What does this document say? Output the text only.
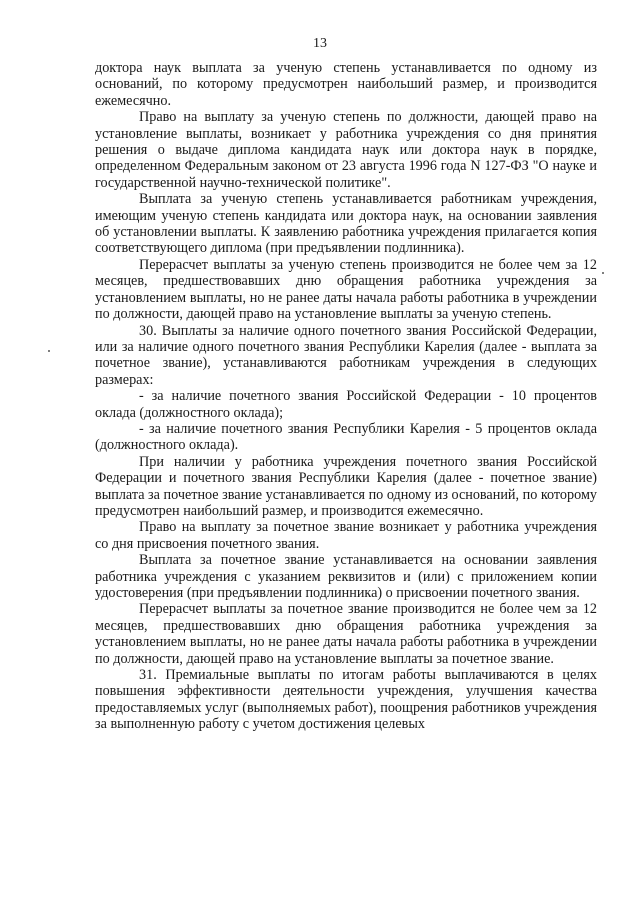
13

доктора наук выплата за ученую степень устанавливается по одному из оснований, по которому предусмотрен наибольший размер, и производится ежемесячно.

Право на выплату за ученую степень по должности, дающей право на установление выплаты, возникает у работника учреждения со дня принятия решения о выдаче диплома кандидата наук или доктора наук в порядке, определенном Федеральным законом от 23 августа 1996 года N 127-ФЗ "О науке и государственной научно-технической политике".

Выплата за ученую степень устанавливается работникам учреждения, имеющим ученую степень кандидата или доктора наук, на основании заявления об установлении выплаты. К заявлению работника учреждения прилагается копия соответствующего диплома (при предъявлении подлинника).

Перерасчет выплаты за ученую степень производится не более чем за 12 месяцев, предшествовавших дню обращения работника учреждения за установлением выплаты, но не ранее даты начала работы работника в учреждении по должности, дающей право на установление выплаты за ученую степень.

30. Выплаты за наличие одного почетного звания Российской Федерации, или за наличие одного почетного звания Республики Карелия (далее - выплата за почетное звание), устанавливаются работникам учреждения в следующих размерах:

- за наличие почетного звания Российской Федерации - 10 процентов оклада (должностного оклада);

- за наличие почетного звания Республики Карелия - 5 процентов оклада (должностного оклада).

При наличии у работника учреждения почетного звания Российской Федерации и почетного звания Республики Карелия (далее - почетное звание) выплата за почетное звание устанавливается по одному из оснований, по которому предусмотрен наибольший размер, и производится ежемесячно.

Право на выплату за почетное звание возникает у работника учреждения со дня присвоения почетного звания.

Выплата за почетное звание устанавливается на основании заявления работника учреждения с указанием реквизитов и (или) с приложением копии удостоверения (при предъявлении подлинника) о присвоении почетного звания.

Перерасчет выплаты за почетное звание производится не более чем за 12 месяцев, предшествовавших дню обращения работника учреждения за установлением выплаты, но не ранее даты начала работы работника в учреждении по должности, дающей право на установление выплаты за почетное звание.

31. Премиальные выплаты по итогам работы выплачиваются в целях повышения эффективности деятельности учреждения, улучшения качества предоставляемых услуг (выполняемых работ), поощрения работников учреждения за выполненную работу с учетом достижения целевых
